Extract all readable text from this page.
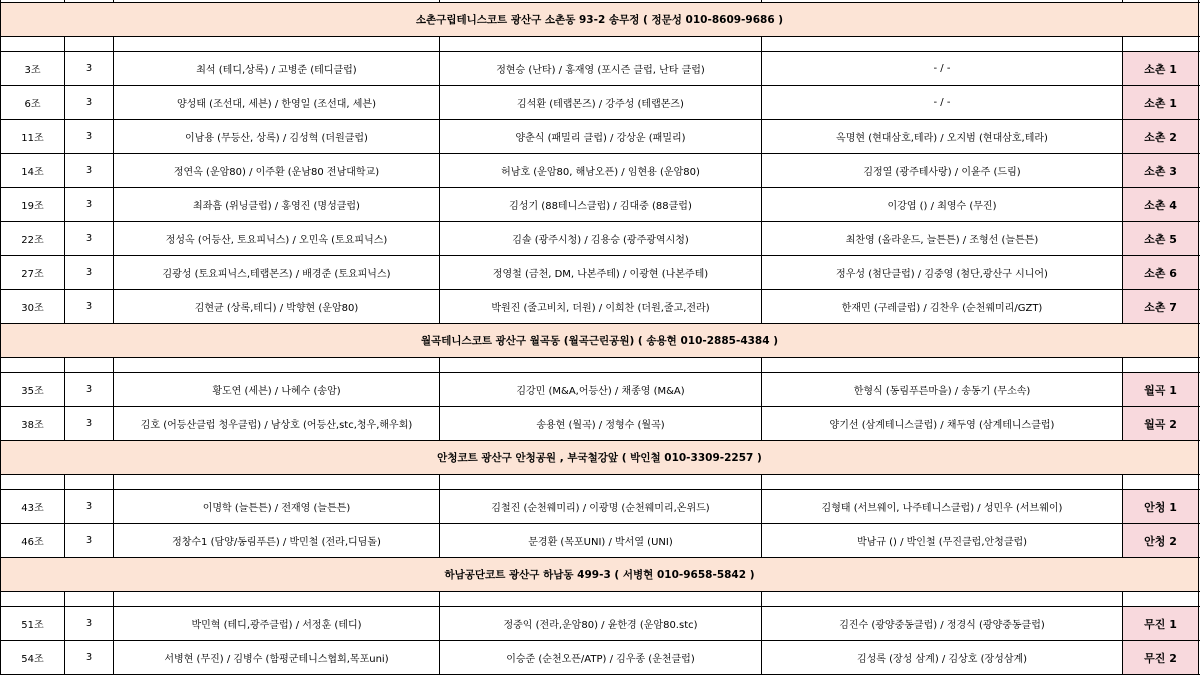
소촌구립테니스코트 광산구 소촌동 93-2 송무정 ( 정문성 010-8609-9686 )						

3조	3	최석 (테디,상록) / 고병준 (테디클럽)	정현승 (난타) / 홍재영 (포시즌 클럽, 난타 클럽)	- / -	소촌 1	
6조	3	양성태 (조선대, 세븐) / 한영일 (조선대, 세븐)	김석환 (테랩몬즈) / 강주성 (테랩몬즈)	- / -	소촌 1	
11조	3	이남용 (무등산, 상록) / 김성혁 (더원클럽)	양춘식 (패밀리 클럽) / 강상운 (패밀리)	옥명현 (현대삼호,테라) / 오지범 (현대삼호,테라)	소촌 2	
14조	3	정연옥 (운암80) / 이주환 (운남80 전남대학교)	허남호 (운암80, 해남오픈) / 임현용 (운암80)	김정열 (광주테사랑) / 이윤주 (드림)	소촌 3	
19조	3	최좌흠 (위닝클럽) / 홍영진 (명성클럽)	김성기 (88테니스클럽) / 김대중 (88클럽)	이강엽 () / 최영수 (무진)	소촌 4	
22조	3	정성옥 (어등산, 토요피닉스) / 오민옥 (토요피닉스)	김솔 (광주시청) / 김용승 (광주광역시청)	최찬영 (올라운드, 늘튼튼) / 조형선 (늘튼튼)	소촌 5	
27조	3	김광성 (토요피닉스,테랩몬즈) / 배경준 (토요피닉스)	정영철 (금천, DM, 나본주테) / 이광현 (나본주테)	정우성 (첨단클럽) / 김중영 (첨단,광산구 시니어)	소촌 6	
30조	3	김현균 (상록,테디) / 박향현 (운암80)	박원진 (줄고비치, 더원) / 이희찬 (더원,줄고,전라)	한재민 (구레클럽) / 김찬우 (순천웨미리/GZT)	소촌 7	
월곡테니스코트 광산구 월곡동 (월곡근린공원) ( 송용현 010-2885-4384 )						

35조	3	황도연 (세븐) / 나혜수 (송암)	김강민 (M&A,어등산) / 채종영 (M&A)	한형식 (동림푸른마을) / 송동기 (무소속)	월곡 1	
38조	3	김호 (어등산클럽 청우클럽) / 남상호 (어등산,stc,청우,해우회)	송용현 (월곡) / 정형수 (월곡)	양기선 (삼계테니스클럽) / 채두영 (삼계테니스클럽)	월곡 2	
안청코트 광산구 안청공원 , 부국철강앞 ( 박인철 010-3309-2257 )						

43조	3	이명학 (늘튼튼) / 전재영 (늘튼튼)	김철진 (순천웨미리) / 이광명 (순천웨미리,온위드)	김형태 (서브웨이, 나주테니스클럽) / 성민우 (서브웨이)	안청 1	
46조	3	정창수1 (담양/동림푸른) / 박민철 (전라,디딤돌)	문경환 (목포UNI) / 박서열 (UNI)	박남규 () / 박인철 (무진클럽,안청클럽)	안청 2	
하남공단코트 광산구 하남동 499-3 ( 서병현 010-9658-5842 )						

51조	3	박민혁 (테디,광주클럽) / 서정훈 (테디)	정중익 (전라,운암80) / 윤한경 (운암80.stc)	김진수 (광양중동클럽) / 정경식 (광양중동클럽)	무진 1	
54조	3	서병현 (무진) / 김병수 (함평군테니스협회,목포uni)	이승준 (순천오픈/ATP) / 김우종 (운천클럽)	김성록 (장성 삼계) / 김상호 (장성삼계)	무진 2	
